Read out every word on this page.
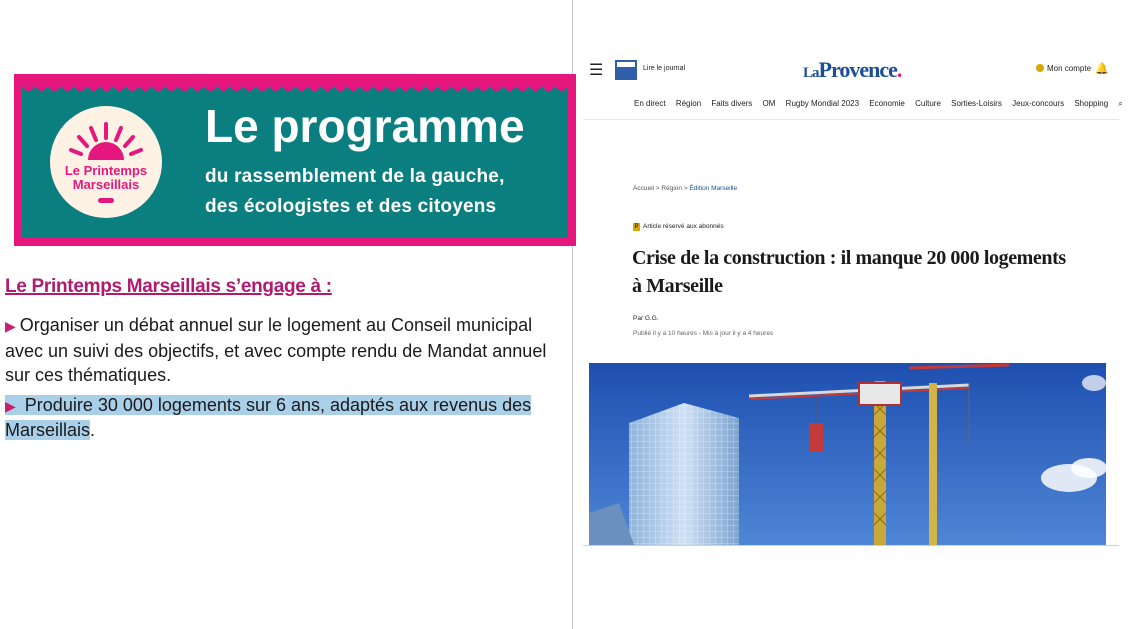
Le Printemps
Marseillais
Le programme
du rassemblement de la gauche,
des écologistes et des citoyens
Le Printemps Marseillais s’engage à :

▶ Organiser un débat annuel sur le logement au Conseil municipal avec un suivi des objectifs, et avec compte rendu de Mandat annuel sur ces thématiques.

▶ Produire 30 000 logements sur 6 ans, adaptés aux revenus des Marseillais.

☰	Lire le journal	LaProvence.	Mon compte 🔔
En direct Région Faits divers OM Rugby Mondial 2023 Economie Culture Sorties-Loisirs Jeux-concours Shopping ⌕
Accueil > Région > Édition Marseille
P Article réservé aux abonnés
Crise de la construction : il manque 20 000 logements à Marseille
Par G.G.
Publié il y a 10 heures - Mis à jour il y a 4 heures
